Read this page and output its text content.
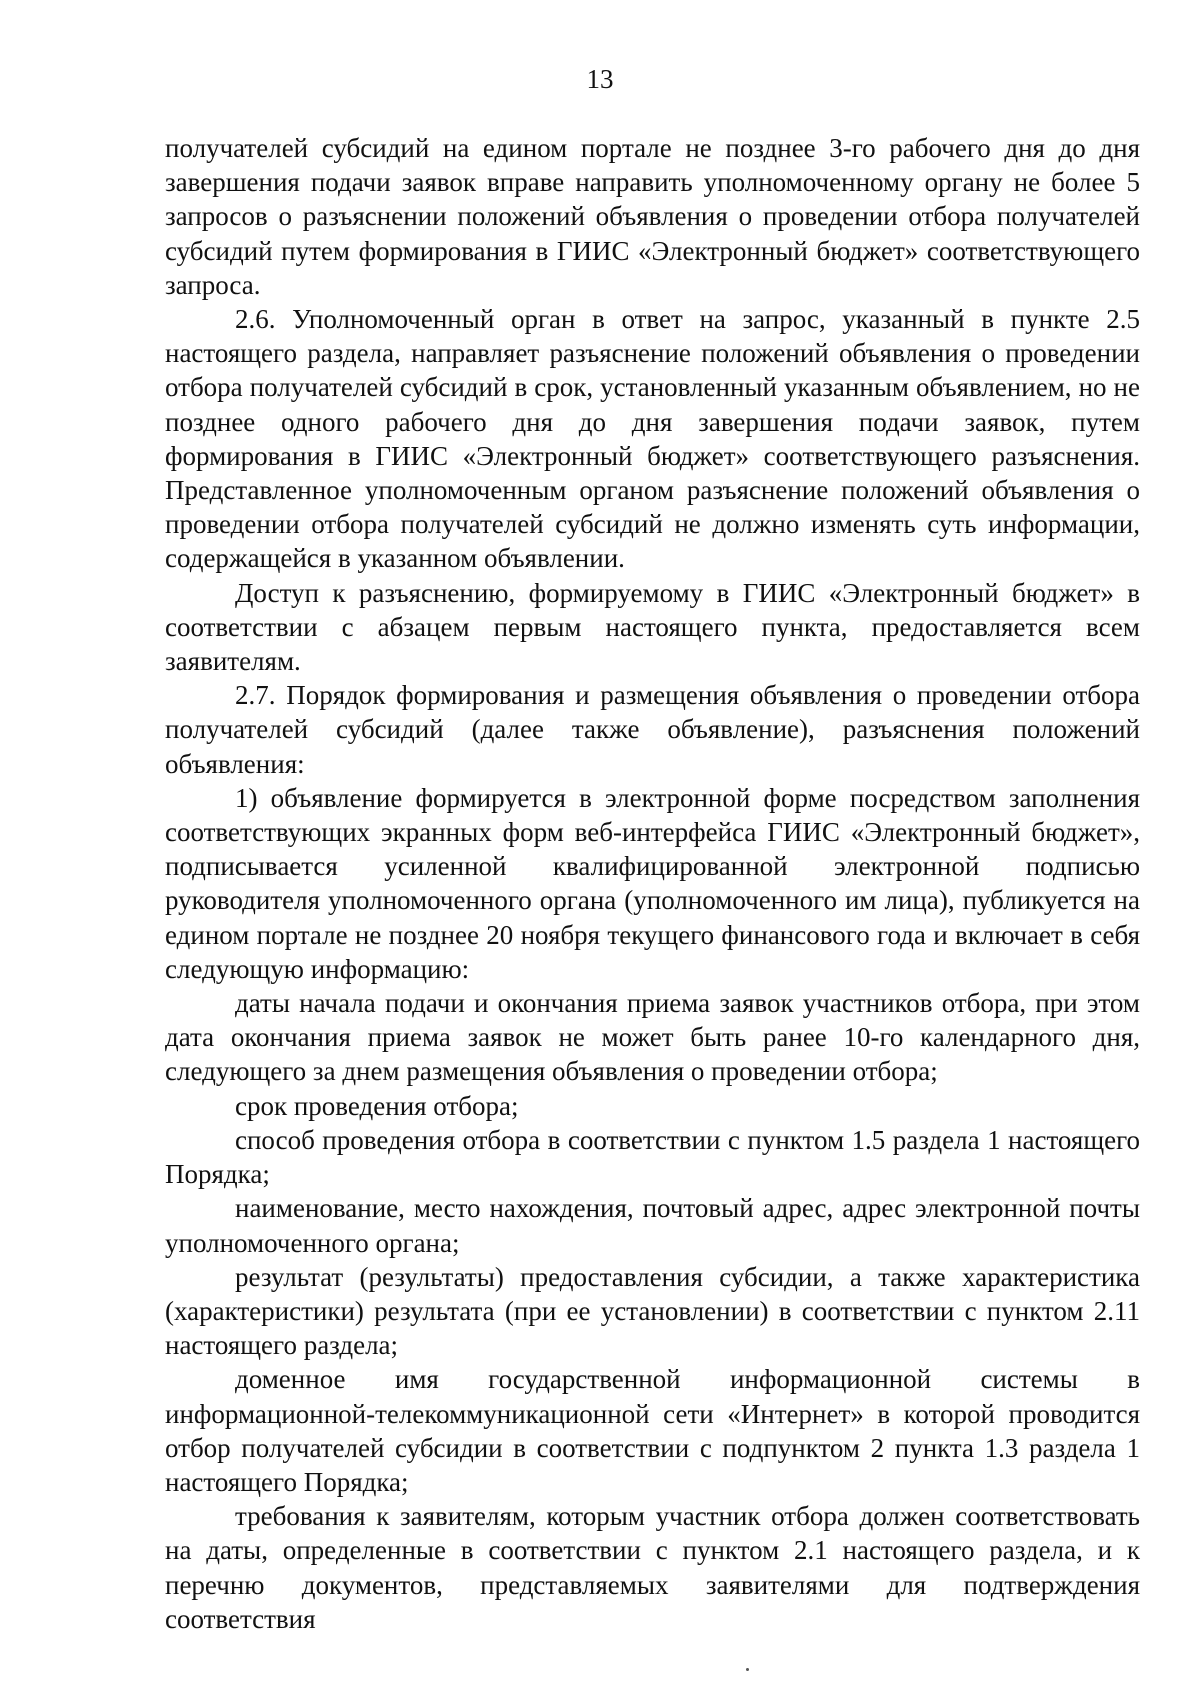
13

получателей субсидий на едином портале не позднее 3-го рабочего дня до дня завершения подачи заявок вправе направить уполномоченному органу не более 5 запросов о разъяснении положений объявления о проведении отбора получателей субсидий путем формирования в ГИИС «Электронный бюджет» соответствующего запроса.

2.6. Уполномоченный орган в ответ на запрос, указанный в пункте 2.5 настоящего раздела, направляет разъяснение положений объявления о проведении отбора получателей субсидий в срок, установленный указанным объявлением, но не позднее одного рабочего дня до дня завершения подачи заявок, путем формирования в ГИИС «Электронный бюджет» соответствующего разъяснения. Представленное уполномоченным органом разъяснение положений объявления о проведении отбора получателей субсидий не должно изменять суть информации, содержащейся в указанном объявлении.

Доступ к разъяснению, формируемому в ГИИС «Электронный бюджет» в соответствии с абзацем первым настоящего пункта, предоставляется всем заявителям.

2.7. Порядок формирования и размещения объявления о проведении отбора получателей субсидий (далее также объявление), разъяснения положений объявления:

1) объявление формируется в электронной форме посредством заполнения соответствующих экранных форм веб-интерфейса ГИИС «Электронный бюджет», подписывается усиленной квалифицированной электронной подписью руководителя уполномоченного органа (уполномоченного им лица), публикуется на едином портале не позднее 20 ноября текущего финансового года и включает в себя следующую информацию:

даты начала подачи и окончания приема заявок участников отбора, при этом дата окончания приема заявок не может быть ранее 10-го календарного дня, следующего за днем размещения объявления о проведении отбора;

срок проведения отбора;

способ проведения отбора в соответствии с пунктом 1.5 раздела 1 настоящего Порядка;

наименование, место нахождения, почтовый адрес, адрес электронной почты уполномоченного органа;

результат (результаты) предоставления субсидии, а также характеристика (характеристики) результата (при ее установлении) в соответствии с пунктом 2.11 настоящего раздела;

доменное имя государственной информационной системы в информационной-телекоммуникационной сети «Интернет» в которой проводится отбор получателей субсидии в соответствии с подпунктом 2 пункта 1.3 раздела 1 настоящего Порядка;

требования к заявителям, которым участник отбора должен соответствовать на даты, определенные в соответствии с пунктом 2.1 настоящего раздела, и к перечню документов, представляемых заявителями для подтверждения соответствия
